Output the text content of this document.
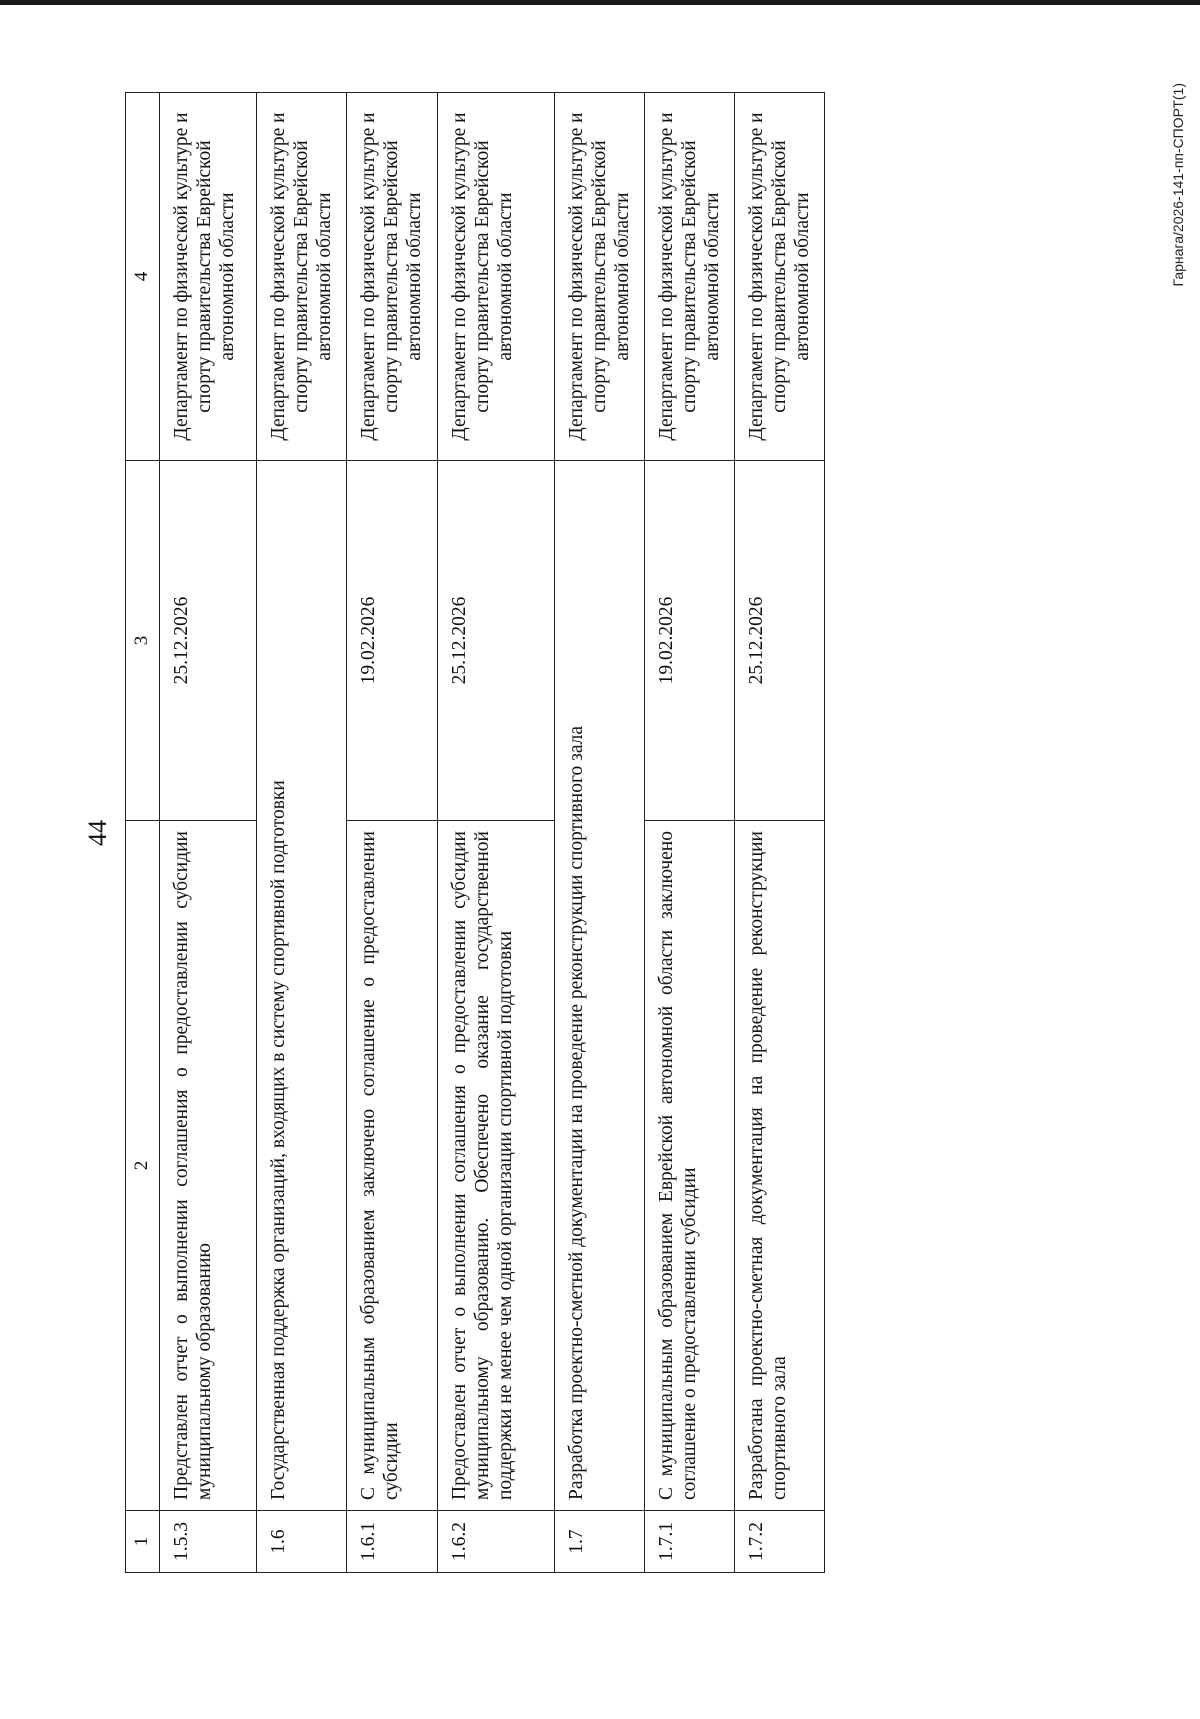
44
1	2	3	4
1.5.3	Представлен отчет о выполнении соглашения о предоставлении субсидии муниципальному образованию	25.12.2026	Департамент по физической культуре и спорту правительства Еврейской автономной области
1.6	Государственная поддержка организаций, входящих в систему спортивной подготовки		Департамент по физической культуре и спорту правительства Еврейской автономной области
1.6.1	С муниципальным образованием заключено соглашение о предоставлении субсидии	19.02.2026	Департамент по физической культуре и спорту правительства Еврейской автономной области
1.6.2	Предоставлен отчет о выполнении соглашения о предоставлении субсидии муниципальному образованию. Обеспечено оказание государственной поддержки не менее чем одной организации спортивной подготовки	25.12.2026	Департамент по физической культуре и спорту правительства Еврейской автономной области
1.7	Разработка проектно-сметной документации на проведение реконструкции спортивного зала		Департамент по физической культуре и спорту правительства Еврейской автономной области
1.7.1	С муниципальным образованием Еврейской автономной области заключено соглашение о предоставлении субсидии	19.02.2026	Департамент по физической культуре и спорту правительства Еврейской автономной области
1.7.2	Разработана проектно-сметная документация на проведение реконструкции спортивного зала	25.12.2026	Департамент по физической культуре и спорту правительства Еврейской автономной области	Гарнага/2026-141-пп-СПОРТ(1)
